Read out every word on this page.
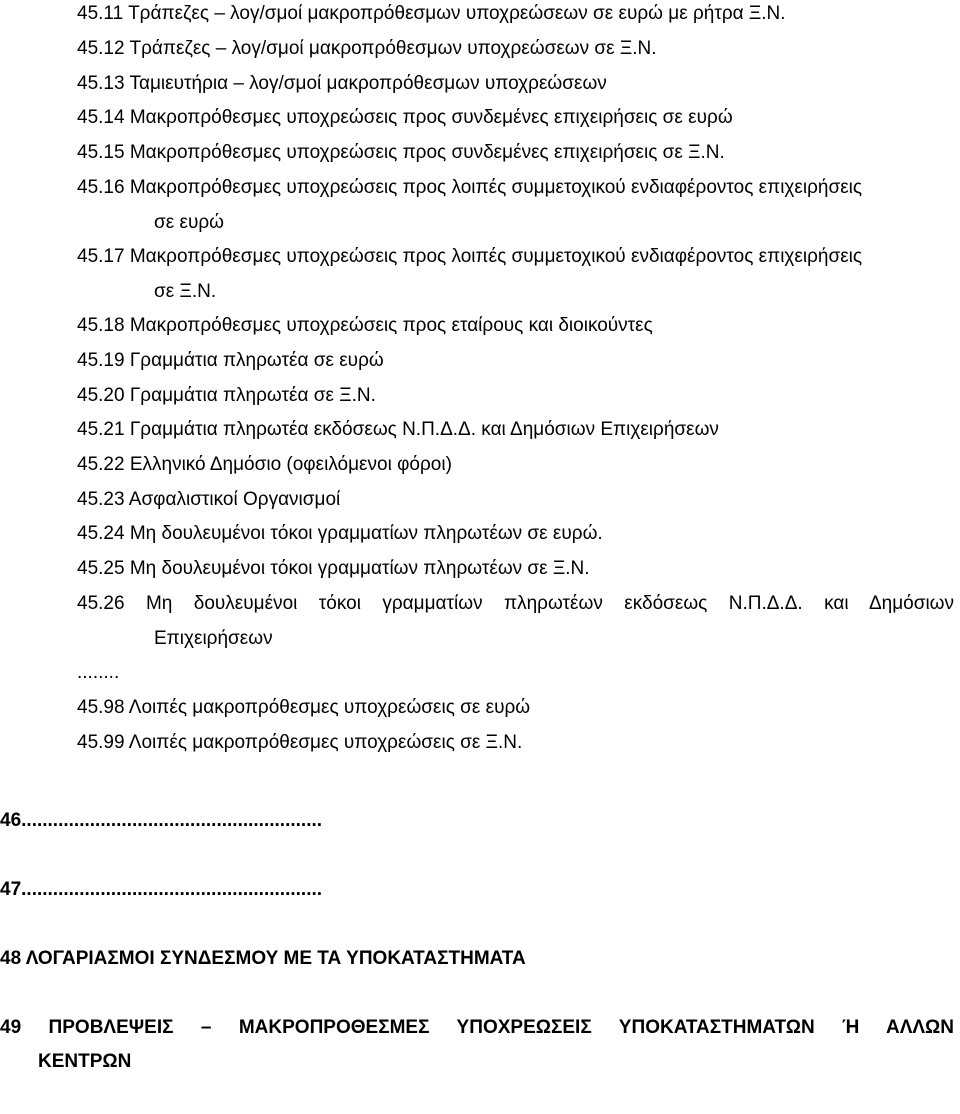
45.11 Τράπεζες – λογ/σμοί μακροπρόθεσμων υποχρεώσεων σε ευρώ με ρήτρα Ξ.Ν.
45.12 Τράπεζες – λογ/σμοί μακροπρόθεσμων υποχρεώσεων σε Ξ.Ν.
45.13 Ταμιευτήρια – λογ/σμοί μακροπρόθεσμων υποχρεώσεων
45.14 Μακροπρόθεσμες υποχρεώσεις προς συνδεμένες επιχειρήσεις σε ευρώ
45.15 Μακροπρόθεσμες υποχρεώσεις προς συνδεμένες επιχειρήσεις σε Ξ.Ν.
45.16 Μακροπρόθεσμες υποχρεώσεις προς λοιπές συμμετοχικού ενδιαφέροντος επιχειρήσεις
σε ευρώ
45.17 Μακροπρόθεσμες υποχρεώσεις προς λοιπές συμμετοχικού ενδιαφέροντος επιχειρήσεις
σε Ξ.Ν.
45.18 Μακροπρόθεσμες υποχρεώσεις προς εταίρους και διοικούντες
45.19 Γραμμάτια πληρωτέα σε ευρώ
45.20 Γραμμάτια πληρωτέα σε Ξ.Ν.
45.21 Γραμμάτια πληρωτέα εκδόσεως Ν.Π.Δ.Δ. και Δημόσιων Επιχειρήσεων
45.22 Ελληνικό Δημόσιο (οφειλόμενοι φόροι)
45.23 Ασφαλιστικοί Οργανισμοί
45.24 Μη δουλευμένοι τόκοι γραμματίων πληρωτέων σε ευρώ.
45.25 Μη δουλευμένοι τόκοι γραμματίων πληρωτέων σε Ξ.Ν.
45.26 Μη δουλευμένοι τόκοι γραμματίων πληρωτέων εκδόσεως Ν.Π.Δ.Δ. και Δημόσιων
Επιχειρήσεων
........
45.98 Λοιπές μακροπρόθεσμες υποχρεώσεις σε ευρώ
45.99 Λοιπές μακροπρόθεσμες υποχρεώσεις σε Ξ.Ν.
46.........................................................
47.........................................................
48 ΛΟΓΑΡΙΑΣΜΟΙ ΣΥΝΔΕΣΜΟΥ ΜΕ ΤΑ ΥΠΟΚΑΤΑΣΤΗΜΑΤΑ
49 ΠΡΟΒΛΕΨΕΙΣ – ΜΑΚΡΟΠΡΟΘΕΣΜΕΣ ΥΠΟΧΡΕΩΣΕΙΣ ΥΠΟΚΑΤΑΣΤΗΜΑΤΩΝ Ή ΑΛΛΩΝ
ΚΕΝΤΡΩΝ
